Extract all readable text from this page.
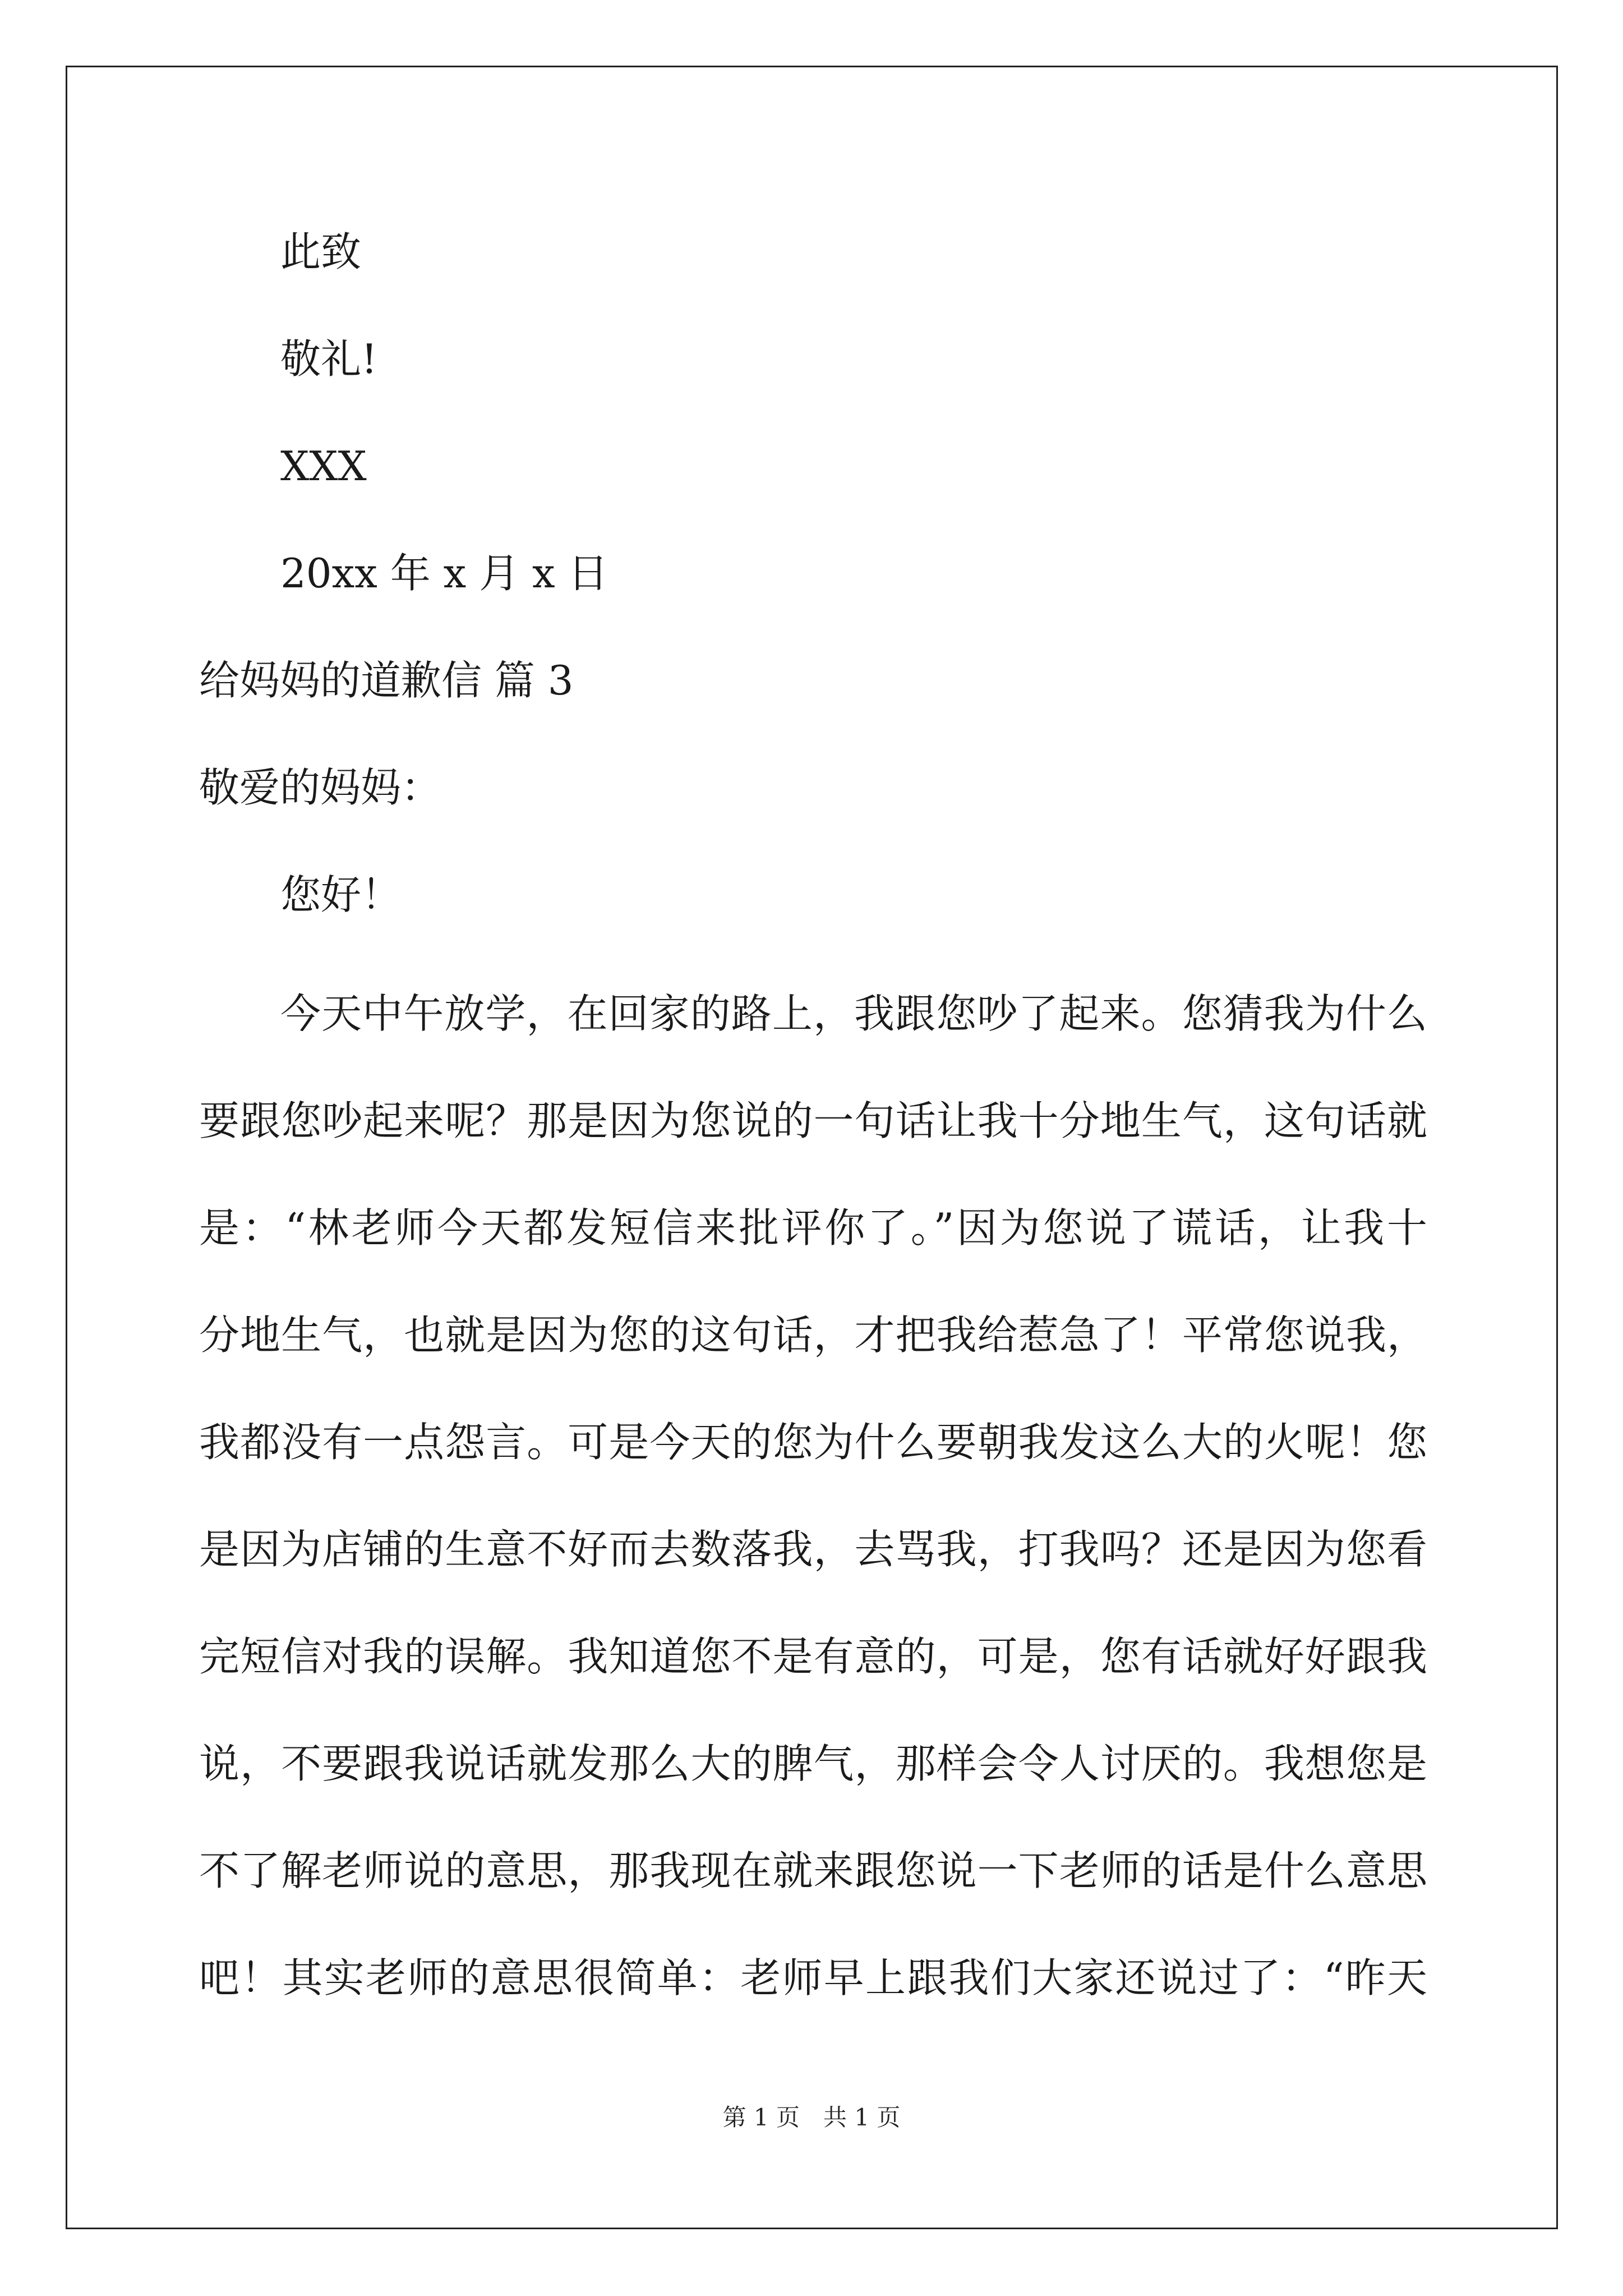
此致
敬礼!
XXX
20xx 年 x 月 x 日
给妈妈的道歉信 篇 3
敬爱的妈妈：
您好！
今天中午放学，在回家的路上，我跟您吵了起来。您猜我为什么
要跟您吵起来呢？那是因为您说的一句话让我十分地生气，这句话就
是：“林老师今天都发短信来批评你了。”因为您说了谎话，让我十
分地生气，也就是因为您的这句话，才把我给惹急了！平常您说我，
我都没有一点怨言。可是今天的您为什么要朝我发这么大的火呢！您
是因为店铺的生意不好而去数落我，去骂我，打我吗？还是因为您看
完短信对我的误解。我知道您不是有意的，可是，您有话就好好跟我
说，不要跟我说话就发那么大的脾气，那样会令人讨厌的。我想您是
不了解老师说的意思，那我现在就来跟您说一下老师的话是什么意思
吧！其实老师的意思很简单：老师早上跟我们大家还说过了：“昨天
第 1 页　共 1 页
